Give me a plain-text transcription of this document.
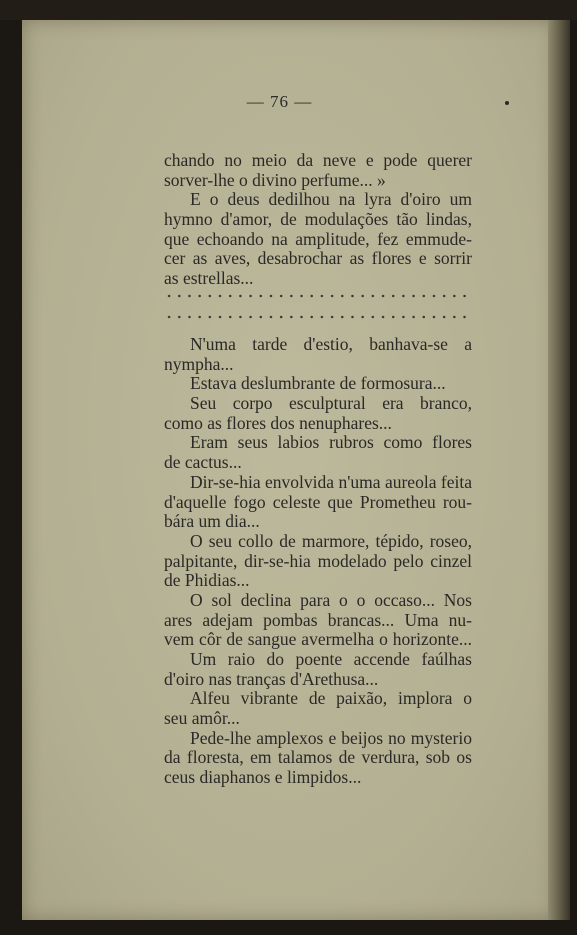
— 76 —
chando no meio da neve e pode querer
sorver-lhe o divino perfume... »
E o deus dedilhou na lyra d'oiro um
hymno d'amor, de modulações tão lindas,
que echoando na amplitude, fez emmude-
cer as aves, desabrochar as flores e sorrir
as estrellas...
N'uma tarde d'estio, banhava-se a
nympha...
Estava deslumbrante de formosura...
Seu corpo esculptural era branco,
como as flores dos nenuphares...
Eram seus labios rubros como flores
de cactus...
Dir-se-hia envolvida n'uma aureola feita
d'aquelle fogo celeste que Prometheu rou-
bára um dia...
O seu collo de marmore, tépido, roseo,
palpitante, dir-se-hia modelado pelo cinzel
de Phidias...
O sol declina para o o occaso... Nos
ares adejam pombas brancas... Uma nu-
vem côr de sangue avermelha o horizonte...
Um raio do poente accende faúlhas
d'oiro nas tranças d'Arethusa...
Alfeu vibrante de paixão, implora o
seu amôr...
Pede-lhe amplexos e beijos no mysterio
da floresta, em talamos de verdura, sob os
ceus diaphanos e limpidos...
